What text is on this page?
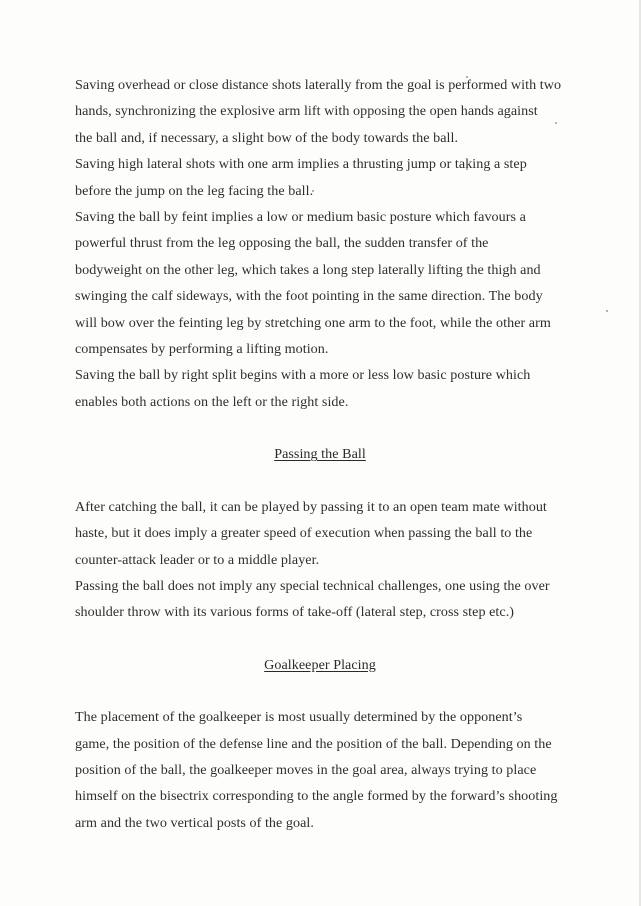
Saving overhead or close distance shots laterally from the goal is performed with two
hands, synchronizing the explosive arm lift with opposing the open hands against
the ball and, if necessary, a slight bow of the body towards the ball.
Saving high lateral shots with one arm implies a thrusting jump or taking a step
before the jump on the leg facing the ball.
Saving the ball by feint implies a low or medium basic posture which favours a
powerful thrust from the leg opposing the ball, the sudden transfer of the
bodyweight on the other leg, which takes a long step laterally lifting the thigh and
swinging the calf sideways, with the foot pointing in the same direction. The body
will bow over the feinting leg by stretching one arm to the foot, while the other arm
compensates by performing a lifting motion.
Saving the ball by right split begins with a more or less low basic posture which
enables both actions on the left or the right side.
Passing the Ball
After catching the ball, it can be played by passing it to an open team mate without
haste, but it does imply a greater speed of execution when passing the ball to the
counter-attack leader or to a middle player.
Passing the ball does not imply any special technical challenges, one using the over
shoulder throw with its various forms of take-off (lateral step, cross step etc.)
Goalkeeper Placing
The placement of the goalkeeper is most usually determined by the opponent’s
game, the position of the defense line and the position of the ball. Depending on the
position of the ball, the goalkeeper moves in the goal area, always trying to place
himself on the bisectrix corresponding to the angle formed by the forward’s shooting
arm and the two vertical posts of the goal.
